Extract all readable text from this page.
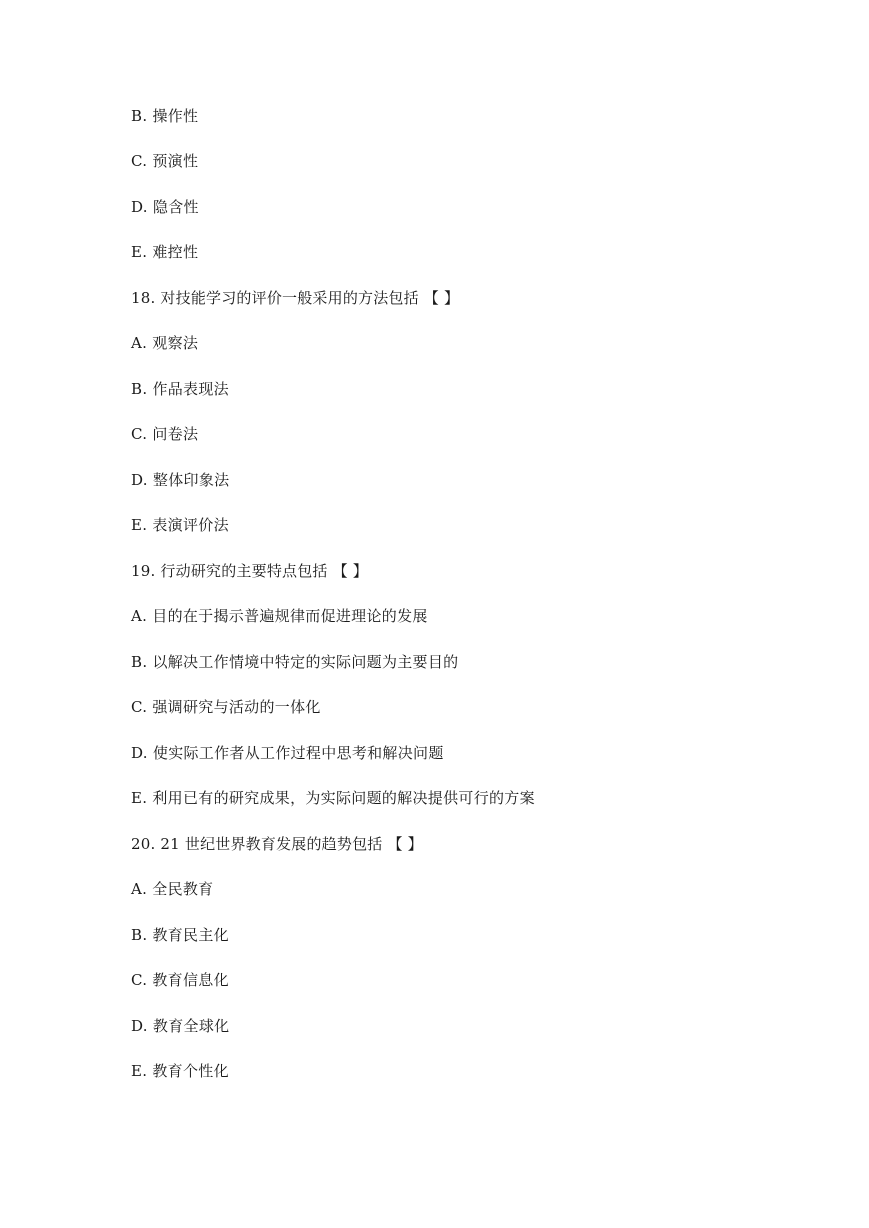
B. 操作性
C. 预演性
D. 隐含性
E. 难控性
18. 对技能学习的评价一般采用的方法包括 【 】
A. 观察法
B. 作品表现法
C. 问卷法
D. 整体印象法
E. 表演评价法
19. 行动研究的主要特点包括 【 】
A. 目的在于揭示普遍规律而促进理论的发展
B. 以解决工作情境中特定的实际问题为主要目的
C. 强调研究与活动的一体化
D. 使实际工作者从工作过程中思考和解决问题
E. 利用已有的研究成果，为实际问题的解决提供可行的方案
20. 21 世纪世界教育发展的趋势包括 【 】
A. 全民教育
B. 教育民主化
C. 教育信息化
D. 教育全球化
E. 教育个性化
